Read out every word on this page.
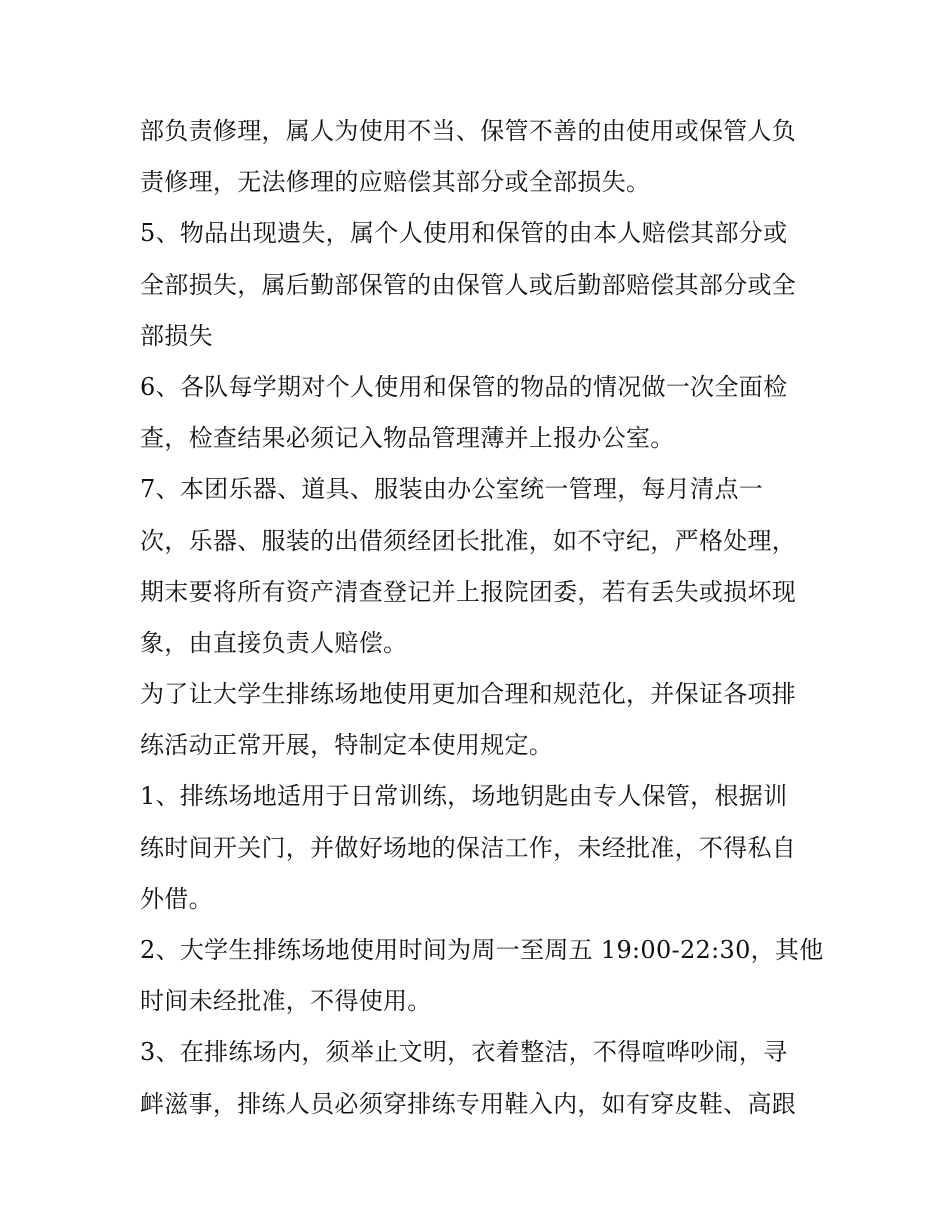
部负责修理，属人为使用不当、保管不善的由使用或保管人负
责修理，无法修理的应赔偿其部分或全部损失。
5、物品出现遗失，属个人使用和保管的由本人赔偿其部分或
全部损失，属后勤部保管的由保管人或后勤部赔偿其部分或全
部损失
6、各队每学期对个人使用和保管的物品的情况做一次全面检
查，检查结果必须记入物品管理薄并上报办公室。
7、本团乐器、道具、服装由办公室统一管理，每月清点一
次，乐器、服装的出借须经团长批准，如不守纪，严格处理，
期末要将所有资产清查登记并上报院团委，若有丢失或损坏现
象，由直接负责人赔偿。
为了让大学生排练场地使用更加合理和规范化，并保证各项排
练活动正常开展，特制定本使用规定。
1、排练场地适用于日常训练，场地钥匙由专人保管，根据训
练时间开关门，并做好场地的保洁工作，未经批准，不得私自
外借。
2、大学生排练场地使用时间为周一至周五 19:00-22:30，其他
时间未经批准，不得使用。
3、在排练场内，须举止文明，衣着整洁，不得喧哗吵闹，寻
衅滋事，排练人员必须穿排练专用鞋入内，如有穿皮鞋、高跟
